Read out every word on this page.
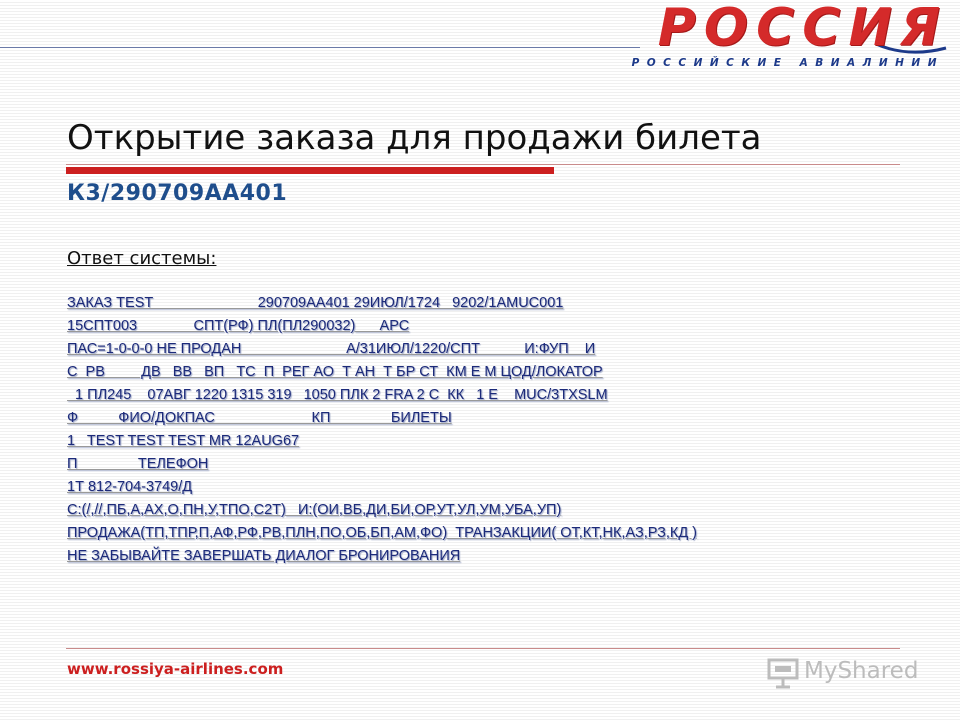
РОССИЯ
РОССИЙСКИЕ АВИАЛИНИИ
Открытие заказа для продажи билета
К3/290709АА401
Ответ системы:
ЗАКАЗ TEST                          290709АА401 29ИЮЛ/1724   9202/1AMUC001
15СПТ003              СПТ(РФ) ПЛ(ПЛ290032)      АРС
ПАС=1-0-0-0 НЕ ПРОДАН                          А/31ИЮЛ/1220/СПТ           И:ФУП    И
С  РВ         ДВ   ВВ   ВП   ТС  П  РЕГ АО  Т АН  Т БР СТ  КМ Е М ЦОД/ЛОКАТОР
1 ПЛ245    07АВГ 1220 1315 319   1050 ПЛК 2 FRA 2 С  КК   1 Е    MUC/3TXSLM
Ф          ФИО/ДОКПАС                        КП               БИЛЕТЫ
1   TEST TEST TEST MR 12AUG67
П               ТЕЛЕФОН
1Т 812-704-3749/Д
С:(/,//,ПБ,А,АХ,О,ПН,У,ТПО,С2Т)   И:(ОИ,ВБ,ДИ,БИ,ОР,УТ,УЛ,УМ,УБА,УП)
ПРОДАЖА(ТП,ТПР,П,АФ,РФ,РВ,ПЛН,ПО,ОБ,БП,АМ,ФО)  ТРАНЗАКЦИИ( ОТ,КТ,НК,АЗ,РЗ,КД )
НЕ ЗАБЫВАЙТЕ ЗАВЕРШАТЬ ДИАЛОГ БРОНИРОВАНИЯ
www.rossiya-airlines.com	MyShared
